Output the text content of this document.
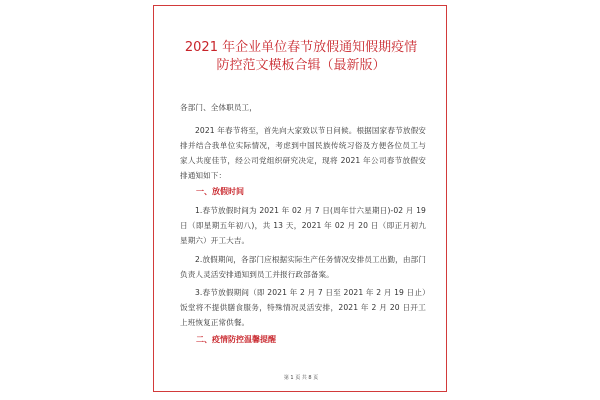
2021 年企业单位春节放假通知假期疫情
防控范文模板合辑（最新版）

各部门、全体职员工，

2021 年春节将至，首先向大家致以节日问候。根据国家春节放假安排并结合我单位实际情况，考虑到中国民族传统习俗及方便各位员工与家人共度佳节，经公司党组织研究决定，现将 2021 年公司春节放假安排通知如下：

一、放假时间

1.春节放假时间为 2021 年 02 月 7 日(周年廿六星期日)-02 月 19 日（即星期五年初八)，共 13 天，2021 年 02 月 20 日（即正月初九星期六）开工大吉。

2.放假期间，各部门应根据实际生产任务情况安排员工出勤，由部门负责人灵活安排通知到员工并报行政部备案。

3.春节放假期间（即 2021 年 2 月 7 日至 2021 年 2 月 19 日止）饭堂将不提供膳食服务，特殊情况灵活安排，2021 年 2 月 20 日开工上班恢复正常供餐。

二、疫情防控温馨提醒
第 1 页 共 8 页
